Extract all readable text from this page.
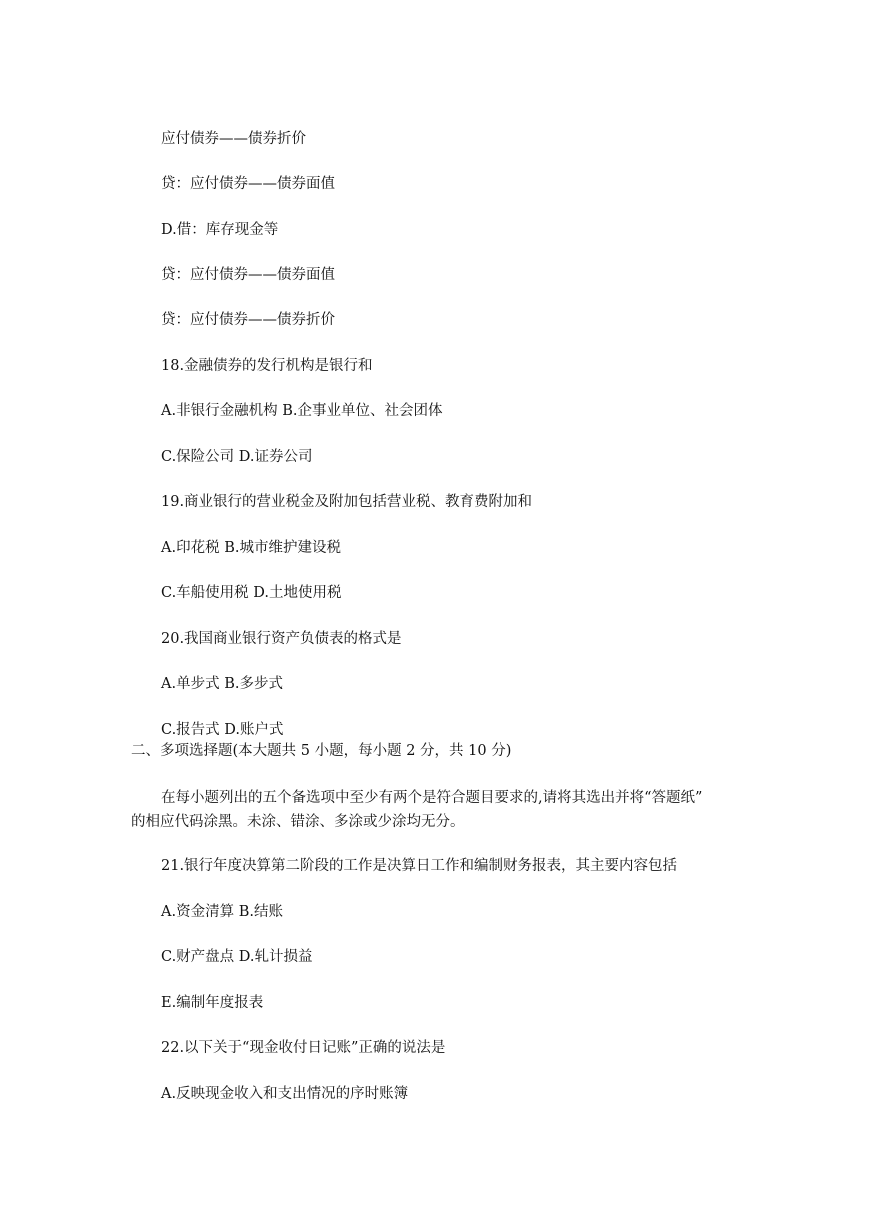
应付债券——债券折价
贷：应付债券——债券面值
D.借：库存现金等
贷：应付债券——债券面值
贷：应付债券——债券折价
18.金融债券的发行机构是银行和
A.非银行金融机构 B.企事业单位、社会团体
C.保险公司 D.证券公司
19.商业银行的营业税金及附加包括营业税、教育费附加和
A.印花税 B.城市维护建设税
C.车船使用税 D.土地使用税
20.我国商业银行资产负债表的格式是
A.单步式 B.多步式
C.报告式 D.账户式
二、多项选择题(本大题共 5 小题，每小题 2 分，共 10 分)
在每小题列出的五个备选项中至少有两个是符合题目要求的,请将其选出并将“答题纸”
的相应代码涂黑。未涂、错涂、多涂或少涂均无分。
21.银行年度决算第二阶段的工作是决算日工作和编制财务报表，其主要内容包括
A.资金清算 B.结账
C.财产盘点 D.轧计损益
E.编制年度报表
22.以下关于“现金收付日记账”正确的说法是
A.反映现金收入和支出情况的序时账簿
